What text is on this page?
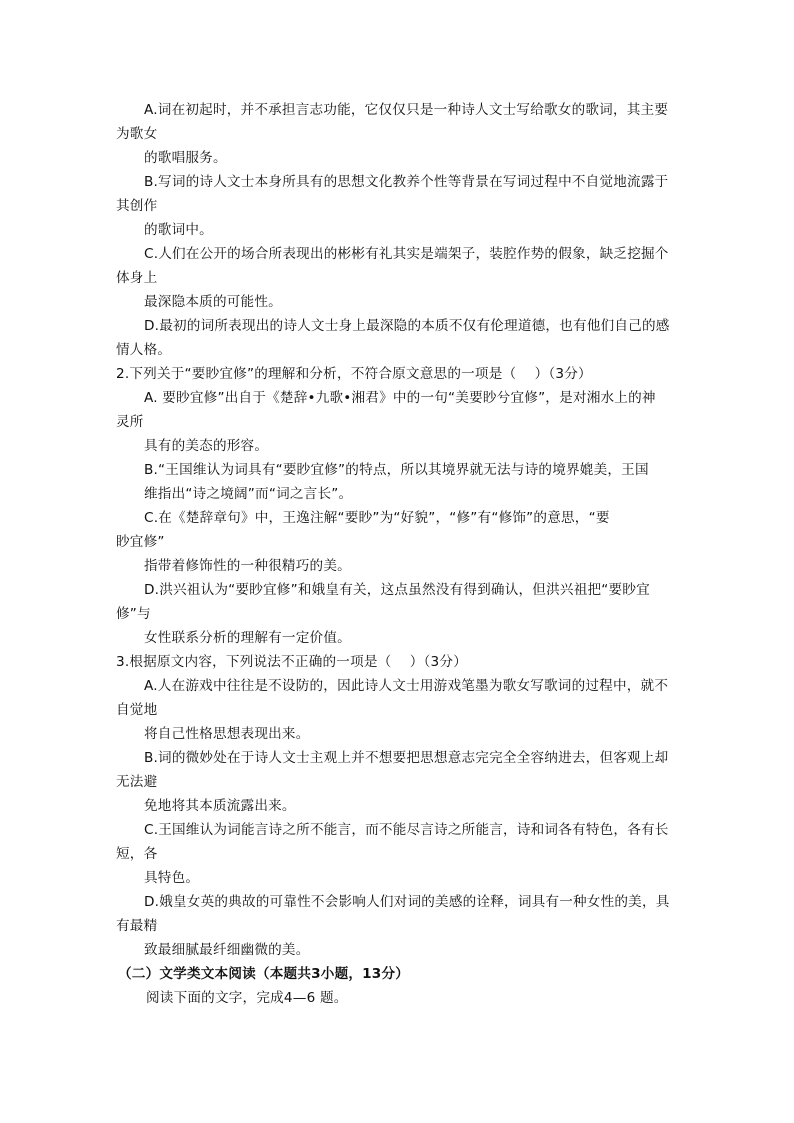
A.词在初起时，并不承担言志功能，它仅仅只是一种诗人文士写给歌女的歌词，其主要
为歌女
的歌唱服务。
B.写词的诗人文士本身所具有的思想文化教养个性等背景在写词过程中不自觉地流露于
其创作
的歌词中。
C.人们在公开的场合所表现出的彬彬有礼其实是端架子，装腔作势的假象，缺乏挖掘个
体身上
最深隐本质的可能性。
D.最初的词所表现出的诗人文士身上最深隐的本质不仅有伦理道德，也有他们自己的感
情人格。
2.下列关于“要眇宜修”的理解和分析，不符合原文意思的一项是（　 ）（3分）
A. 要眇宜修”出自于《楚辞•九歌•湘君》中的一句“美要眇兮宜修”，是对湘水上的神
灵所
具有的美态的形容。
B.“王国维认为词具有“要眇宜修”的特点，所以其境界就无法与诗的境界媲美，王国
维指出“诗之境阔”而“词之言长”。
C.在《楚辞章句》中，王逸注解“要眇”为“好貌”，“修”有“修饰”的意思，“要
眇宜修”
指带着修饰性的一种很精巧的美。
D.洪兴祖认为“要眇宜修”和娥皇有关，这点虽然没有得到确认，但洪兴祖把“要眇宜
修”与
女性联系分析的理解有一定价值。
3.根据原文内容，下列说法不正确的一项是（　 ）（3分）
A.人在游戏中往往是不设防的，因此诗人文士用游戏笔墨为歌女写歌词的过程中，就不
自觉地
将自己性格思想表现出来。
B.词的微妙处在于诗人文士主观上并不想要把思想意志完完全全容纳进去，但客观上却
无法避
免地将其本质流露出来。
C.王国维认为词能言诗之所不能言，而不能尽言诗之所能言，诗和词各有特色，各有长
短，各
具特色。
D.娥皇女英的典故的可靠性不会影响人们对词的美感的诠释，词具有一种女性的美，具
有最精
致最细腻最纤细幽微的美。
（二）文学类文本阅读（本题共3小题，13分）
阅读下面的文字，完成4—6 题。
